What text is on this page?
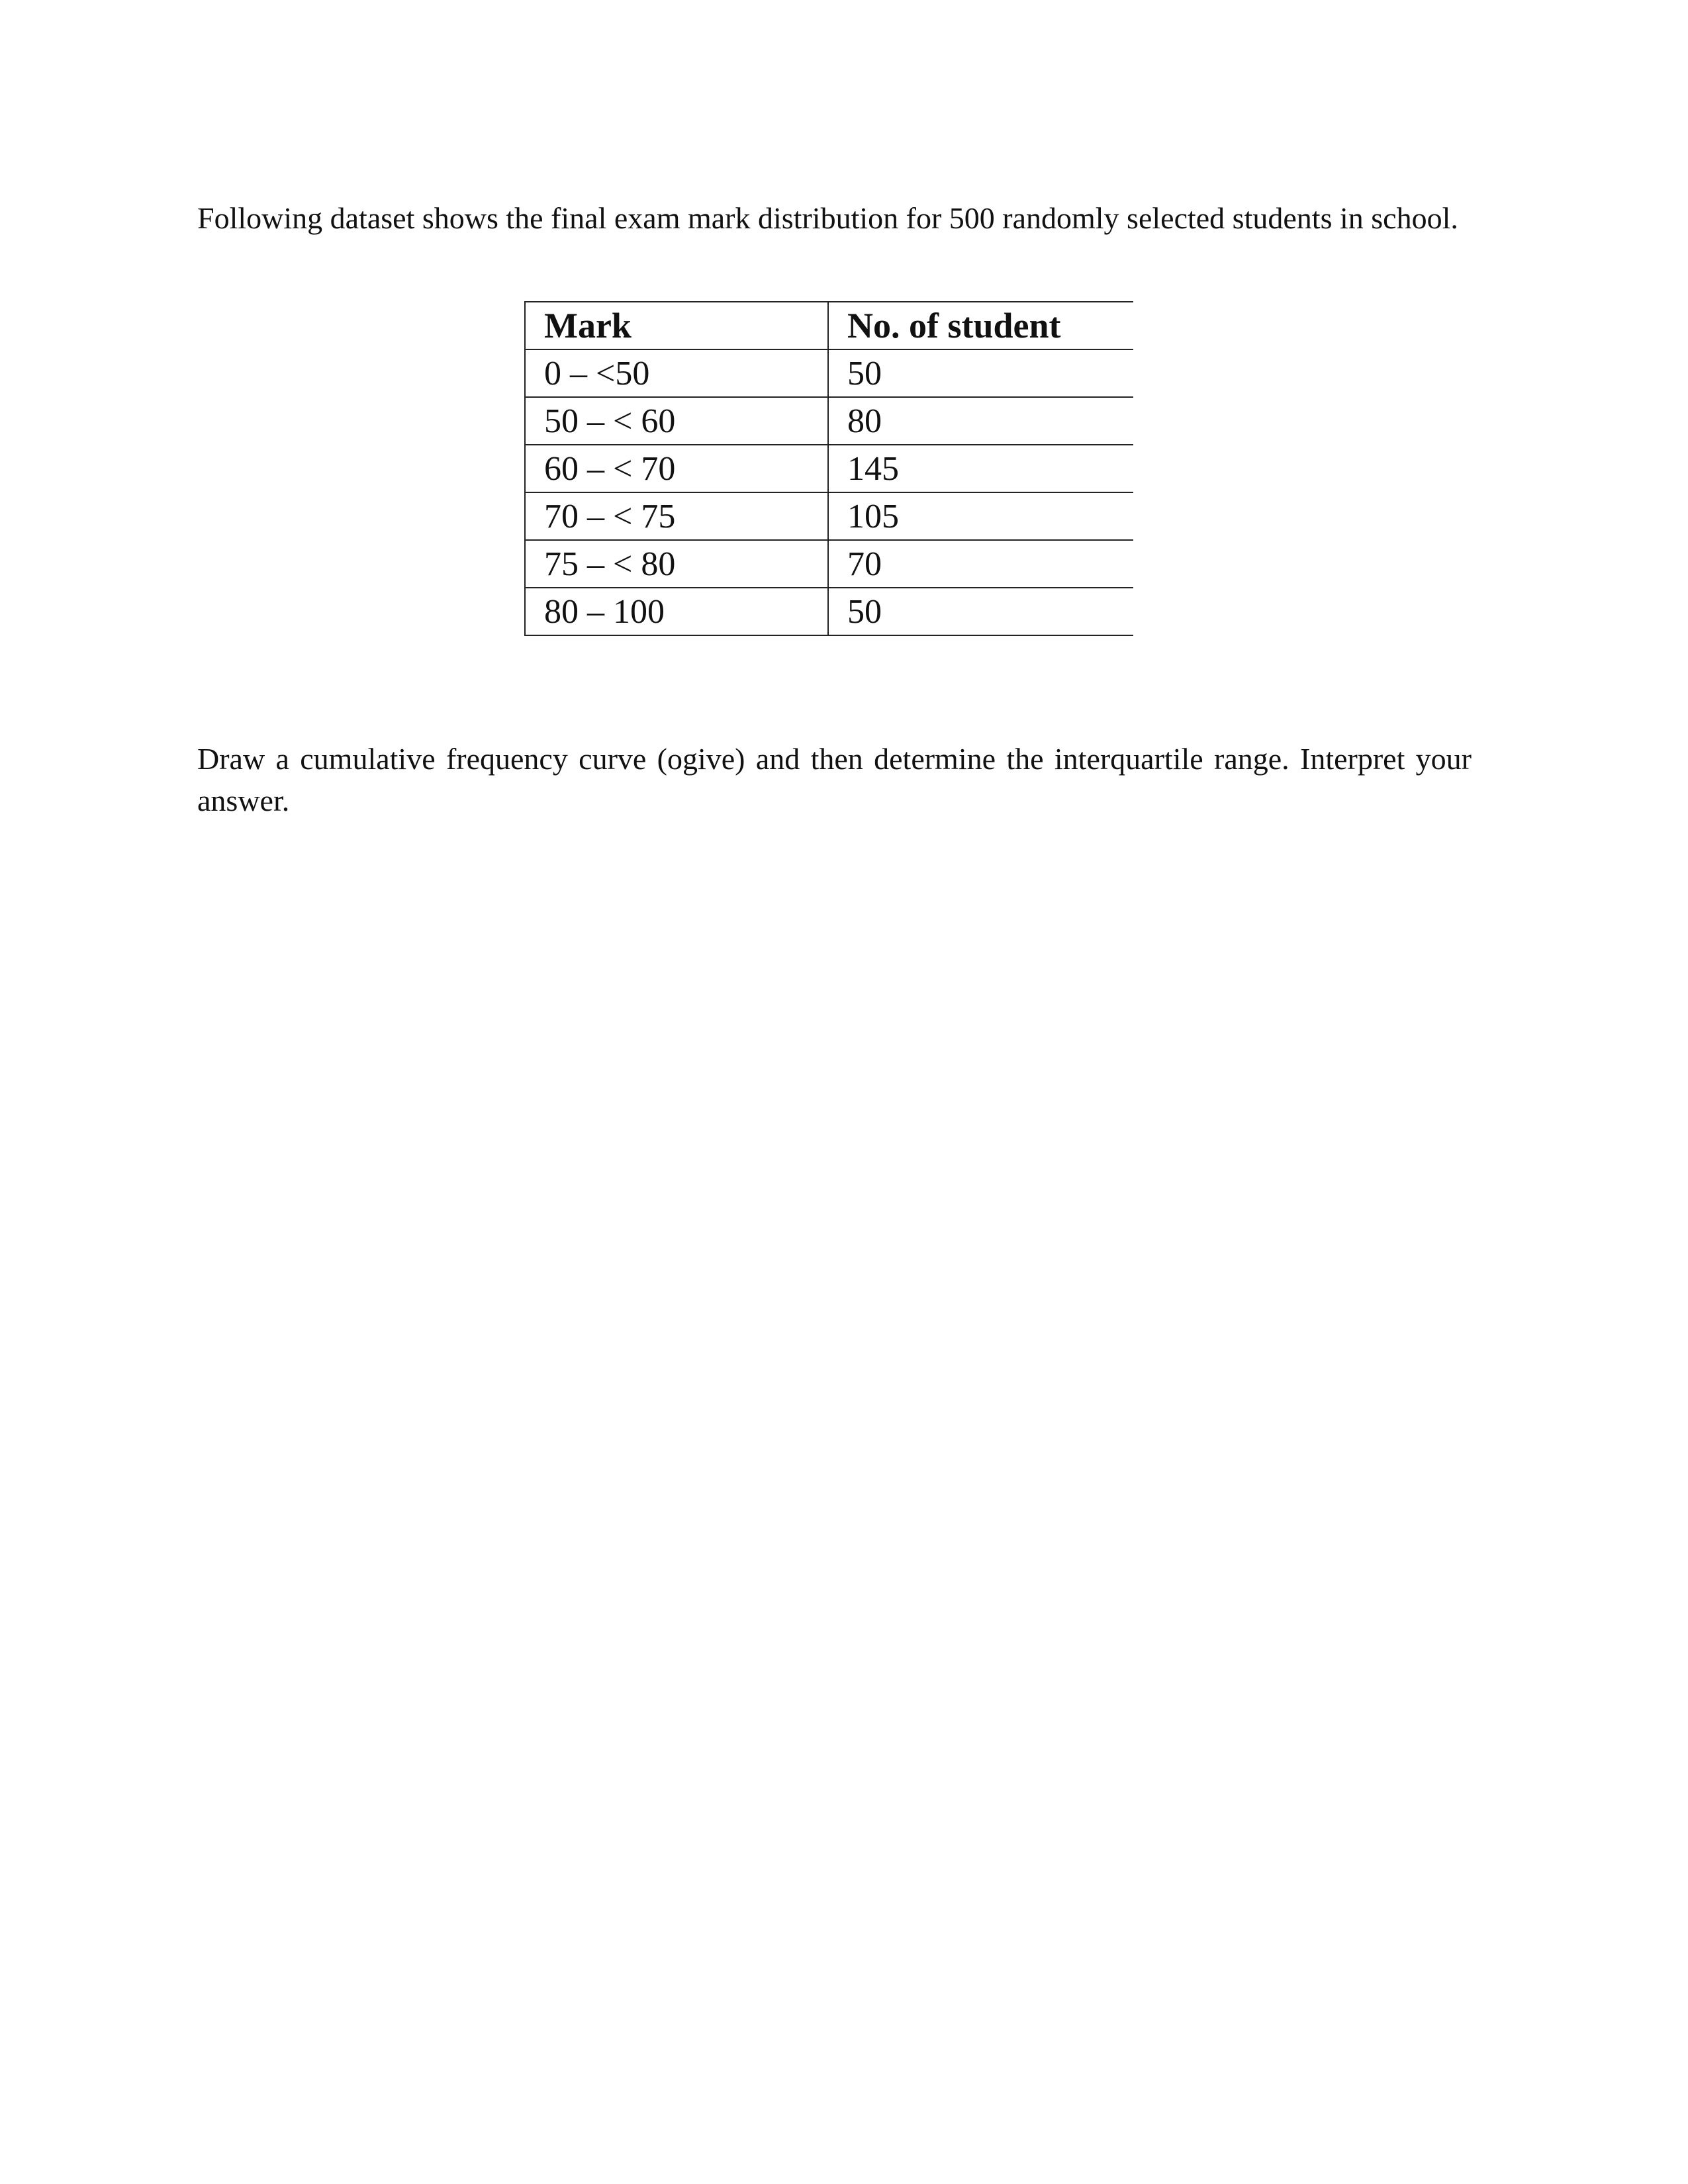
Following dataset shows the final exam mark distribution for 500 randomly selected students in school.

Mark	No. of student
0 – <50	50
50 – < 60	80
60 – < 70	145
70 – < 75	105
75 – < 80	70
80 – 100	50

Draw a cumulative frequency curve (ogive) and then determine the interquartile range. Interpret your answer.
